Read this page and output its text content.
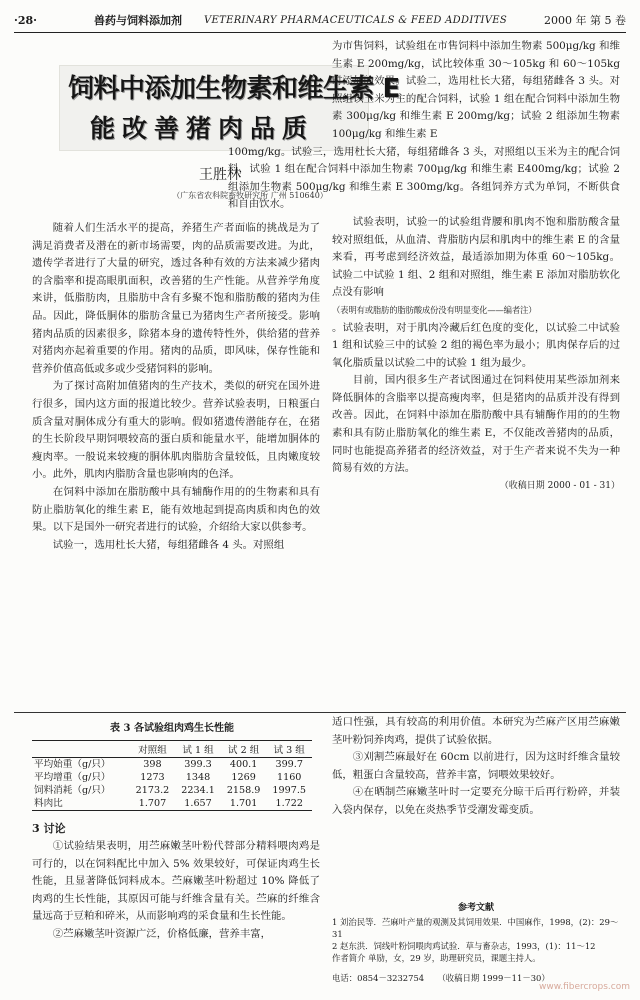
·28·	兽药与饲料添加剂 VETERINARY PHARMACEUTICALS & FEED ADDITIVES	2000 年 第 5 卷
饲料中添加生物素和维生素 E
能改善猪肉品质
王胜林
（广东省农科院畜牧研究所 广州 510640）

随着人们生活水平的提高，养猪生产者面临的挑战是为了满足消费者及潜在的新市场需要，肉的品质需要改进。为此，遗传学者进行了大量的研究，透过各种有效的方法来减少猪肉的含脂率和提高眼肌面积，改善猪的生产性能。从营养学角度来讲，低脂肪肉，且脂肪中含有多聚不饱和脂肪酸的猪肉为佳品。因此，降低胴体的脂肪含量已为猪肉生产者所接受。影响猪肉品质的因素很多，除猪本身的遗传特性外，供给猪的营养对猪肉亦起着重要的作用。猪肉的品质，即风味，保存性能和营养价值高低或多或少受猪饲料的影响。

为了探讨高附加值猪肉的生产技术，类似的研究在国外进行很多，国内这方面的报道比较少。营养试验表明，日粮蛋白质含量对胴体成分有重大的影响。假如猪遗传潜能存在，在猪的生长阶段早期饲喂较高的蛋白质和能量水平，能增加胴体的瘦肉率。一般说来较瘦的胴体肌肉脂肪含量较低，且肉嫩度较小。此外，肌肉内脂肪含量也影响肉的色泽。

在饲料中添加在脂肪酸中具有辅酶作用的的生物素和具有防止脂肪氧化的维生素 E，能有效地起到提高肉质和肉色的效果。以下是国外一研究者进行的试验，介绍给大家以供参考。

试验一，选用杜长大猪，每组猪雌各 4 头。对照组

为市售饲料，试验组在市售饲料中添加生物素 500μg/kg 和维生素 E 200mg/kg，试比较体重 30～105kg 和 60～105kg 时添加的效果。试验二，选用杜长大猪，每组猪雌各 3 头。对照组以玉米为主的配合饲料，试验 1 组在配合饲料中添加生物素 300μg/kg 和维生素 E 200mg/kg；试验 2 组添加生物素 100μg/kg 和维生素 E

100mg/kg。试验三，选用杜长大猪，每组猪雌各 3 头，对照组以玉米为主的配合饲料，试验 1 组在配合饲料中添加生物素 700μg/kg 和维生素 E400mg/kg；试验 2 组添加生物素 500μg/kg 和维生素 E 300mg/kg。各组饲养方式为单饲，不断供食和自由饮水。

试验表明，试验一的试验组背腰和肌肉不饱和脂肪酸含量较对照组低，从血清、背脂肪内层和肌肉中的维生素 E 的含量来看，再考虑到经济效益，最适添加期为体重 60～105kg。试验二中试验 1 组、2 组和对照组，维生素 E 添加对脂肪软化点没有影响

（表明有或脂肪的脂肪酸成份没有明显变化——编者注）

。试验表明，对于肌肉冷藏后红色度的变化，以试验二中试验 1 组和试验三中的试验 2 组的褐色率为最小；肌肉保存后的过氧化脂质量以试验二中的试验 1 组为最少。

目前，国内很多生产者试图通过在饲料使用某些添加剂来降低胴体的含脂率以提高瘦肉率，但是猪肉的品质并没有得到改善。因此，在饲料中添加在脂肪酸中具有辅酶作用的的生物素和具有防止脂肪氧化的维生素 E，不仅能改善猪肉的品质，同时也能提高养猪者的经济效益，对于生产者来说不失为一种简易有效的方法。

（收稿日期 2000 - 01 - 31）

表 3 各试验组肉鸡生长性能
	对照组	试 1 组	试 2 组	试 3 组
平均始重（g/只）	398	399.3	400.1	399.7
平均增重（g/只）	1273	1348	1269	1160
饲料消耗（g/只）	2173.2	2234.1	2158.9	1997.5
料肉比	1.707	1.657	1.701	1.722

3 讨论

①试验结果表明，用苎麻嫩茎叶粉代替部分精料喂肉鸡是可行的，以在饲料配比中加入 5% 效果较好，可保证肉鸡生长性能，且显著降低饲料成本。苎麻嫩茎叶粉超过 10% 降低了肉鸡的生长性能，其原因可能与纤维含量有关。苎麻的纤维含量远高于豆粕和碎米，从而影响鸡的采食量和生长性能。

②苎麻嫩茎叶资源广泛，价格低廉，营养丰富，

适口性强，具有较高的利用价值。本研究为苎麻产区用苎麻嫩茎叶粉饲养肉鸡，提供了试验依据。

③刈割苎麻最好在 60cm 以前进行，因为这时纤维含量较低，粗蛋白含量较高，营养丰富，饲喂效果较好。

④在晒制苎麻嫩茎叶时一定要充分晾干后再行粉碎，并装入袋内保存，以免在炎热季节受潮发霉变质。

参考文献

1 刘治民等．苎麻叶产量的观测及其饲用效果．中国麻作，1998，(2)：29～31

2 赵东洪．饲线叶粉饲喂肉鸡试验．草与畜杂志，1993，(1)：11～12

作者简介 单励，女，29 岁，助理研究员，课题主持人。

电话：0854－3232754 （收稿日期 1999－11－30）
www.fibercrops.com
